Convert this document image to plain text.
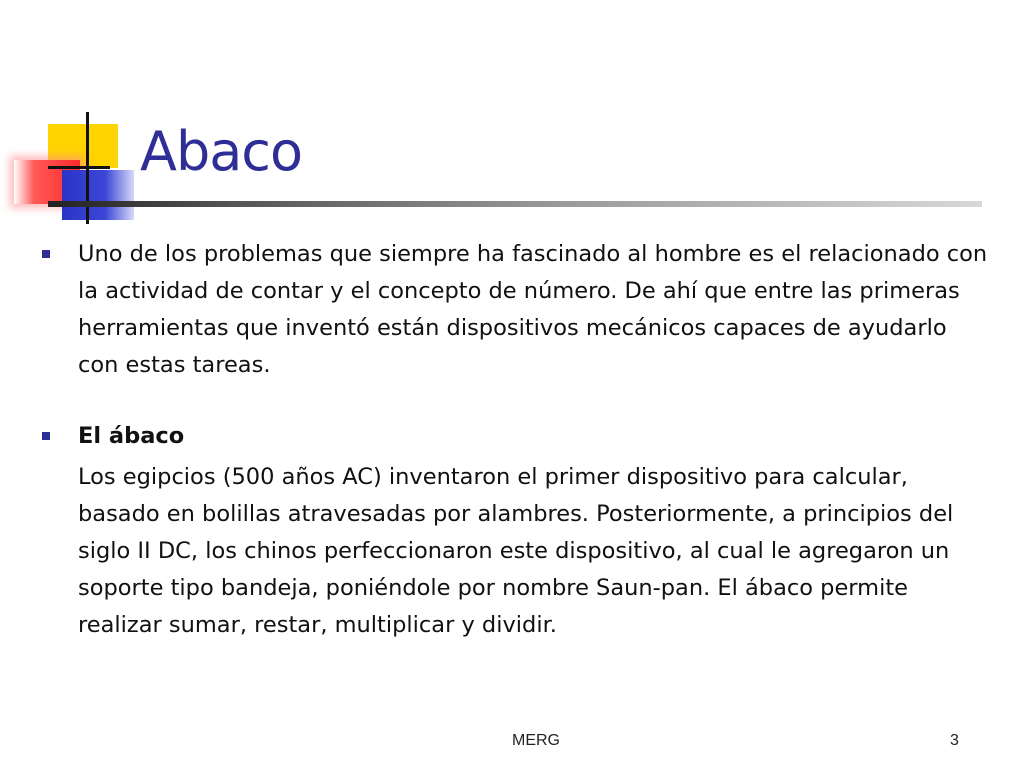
Abaco
Uno de los problemas que siempre ha fascinado al hombre es el relacionado con la actividad de contar y el concepto de número. De ahí que entre las primeras herramientas que inventó están dispositivos mecánicos capaces de ayudarlo con estas tareas.
El ábaco
Los egipcios (500 años AC) inventaron el primer dispositivo para calcular, basado en bolillas atravesadas por alambres. Posteriormente, a principios del siglo II DC, los chinos perfeccionaron este dispositivo, al cual le agregaron un soporte tipo bandeja, poniéndole por nombre Saun-pan. El ábaco permite realizar sumar, restar, multiplicar y dividir.
MERG	3
